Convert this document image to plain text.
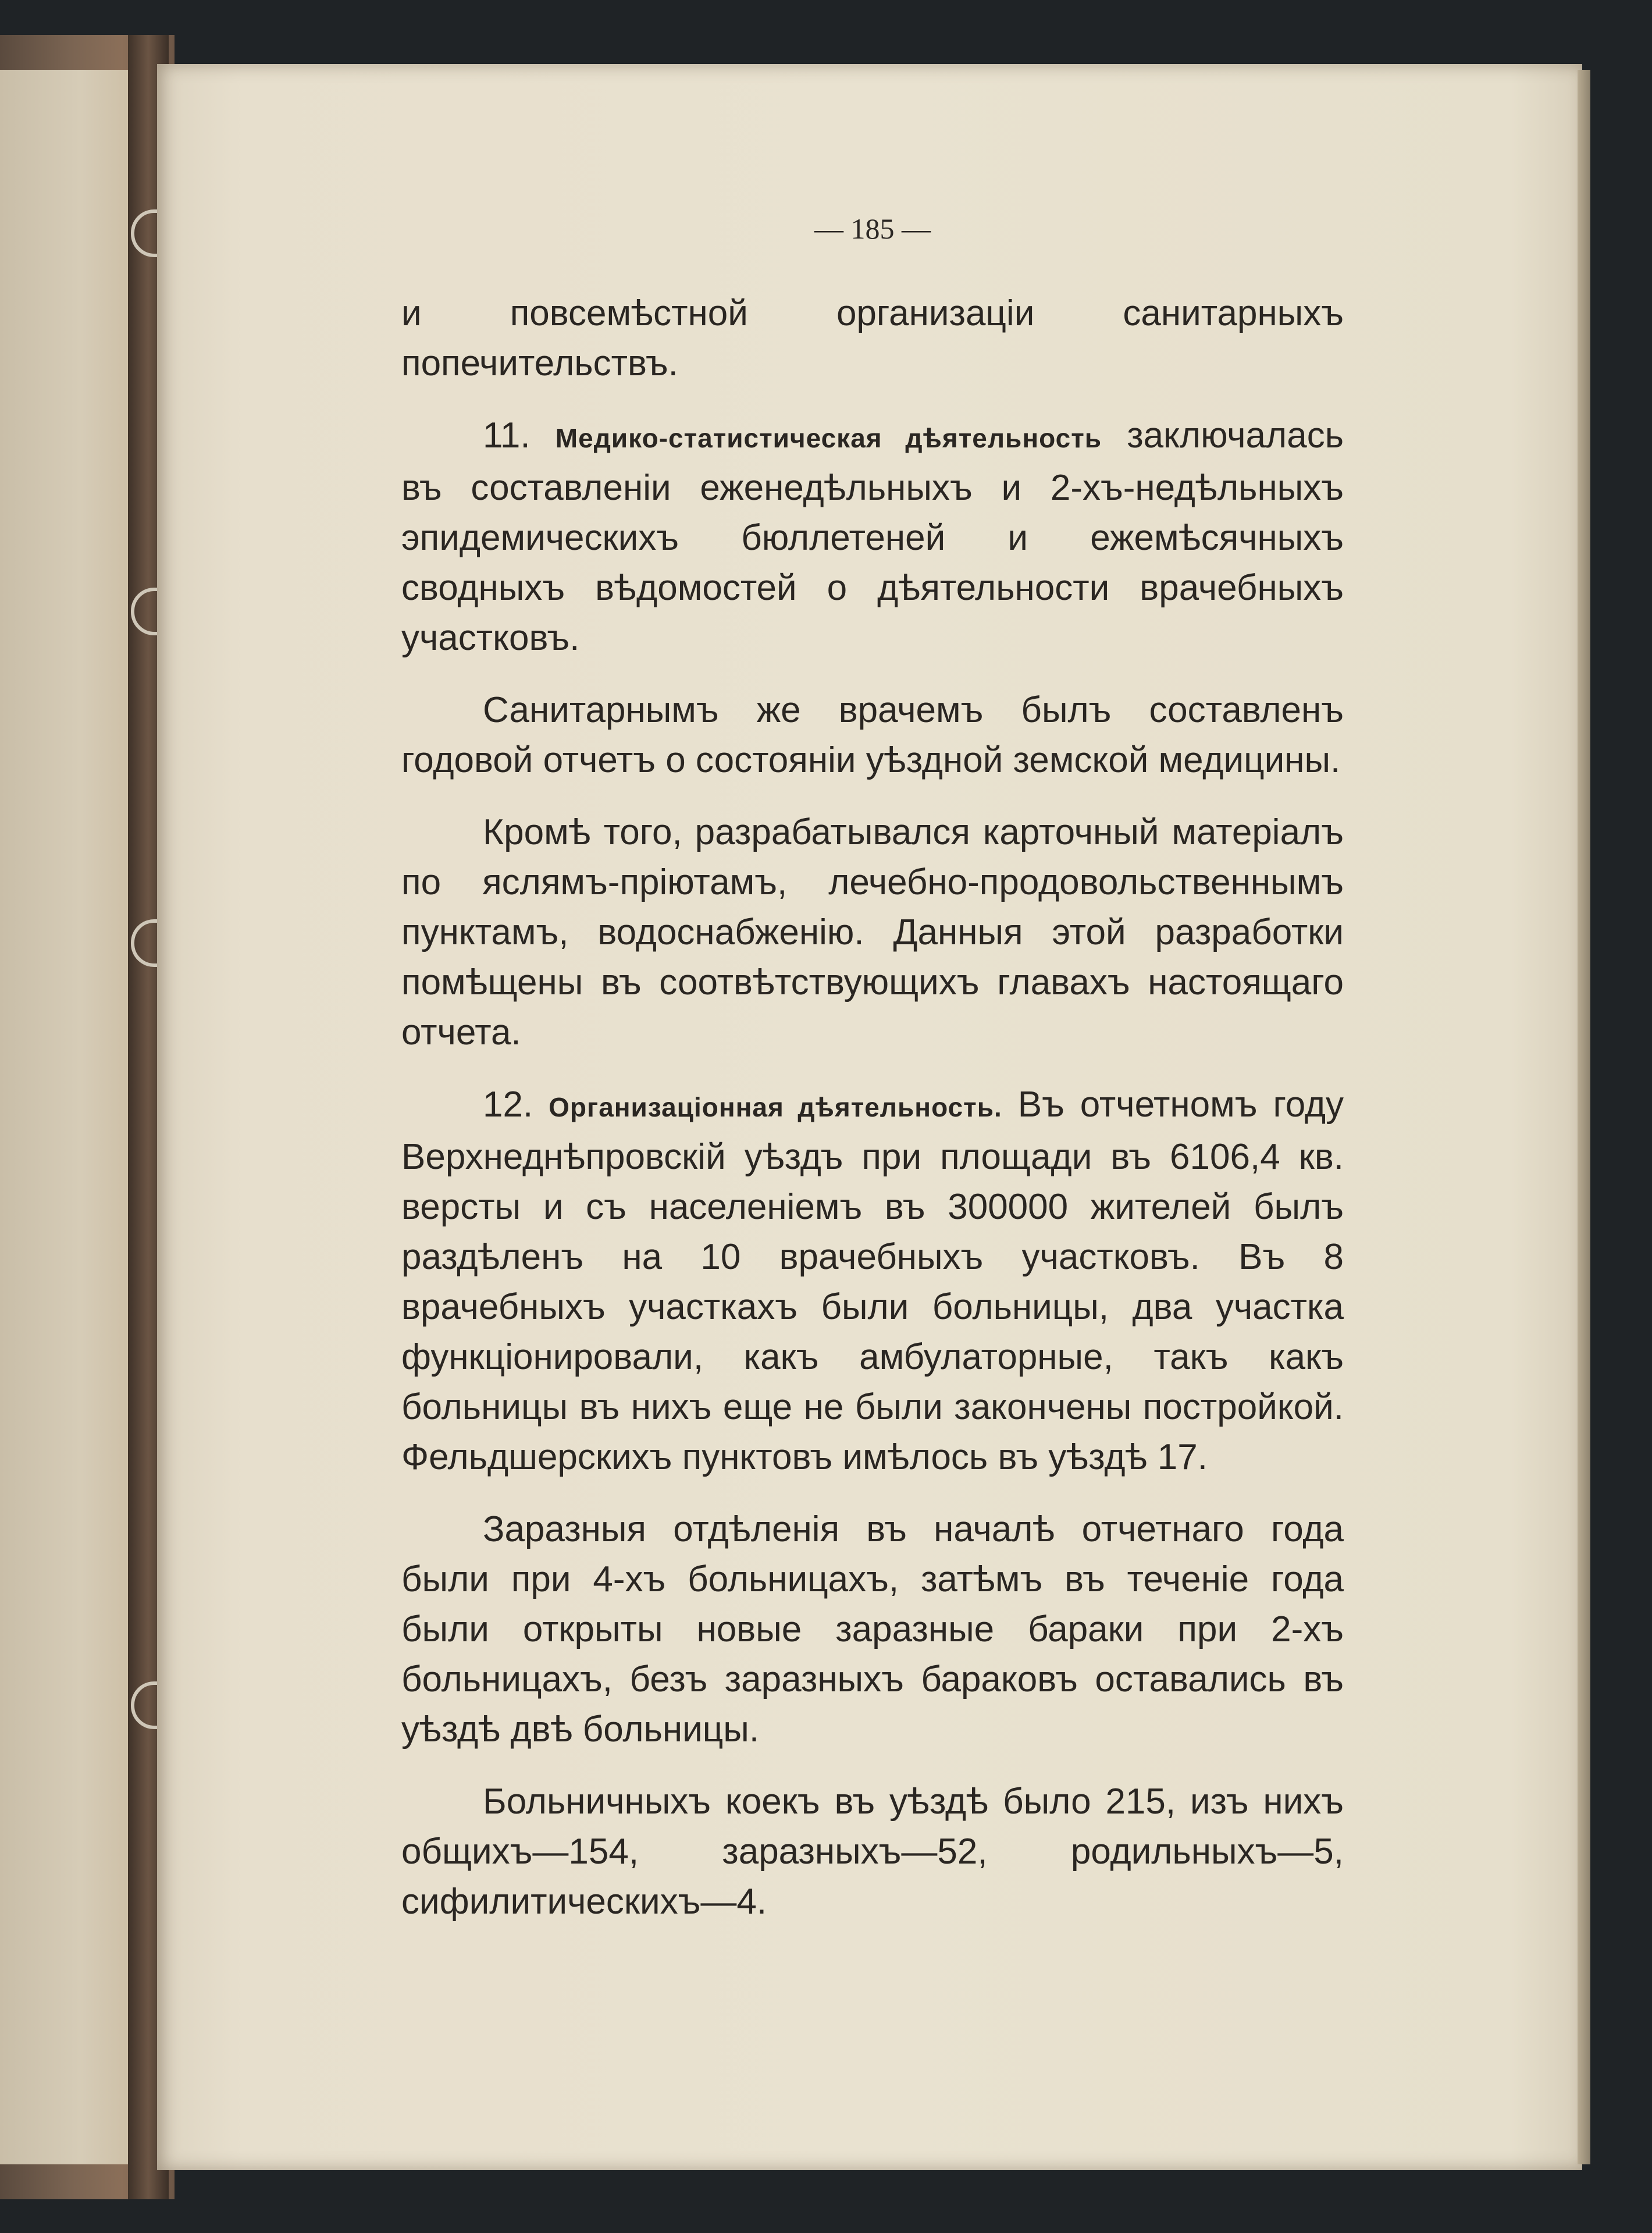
— 185 —

и повсемѣстной организаціи санитарныхъ попечительствъ.

11. Медико-статистическая дѣятельность заключалась въ составленіи еженедѣльныхъ и 2-хъ-недѣльныхъ эпидемическихъ бюллетеней и ежемѣсячныхъ сводныхъ вѣдомостей о дѣятельности врачебныхъ участковъ.

Санитарнымъ же врачемъ былъ составленъ годовой отчетъ о состояніи уѣздной земской медицины.

Кромѣ того, разрабатывался карточный матеріалъ по яслямъ-пріютамъ, лечебно-продовольственнымъ пунктамъ, водоснабженію. Данныя этой разработки помѣщены въ соотвѣтствующихъ главахъ настоящаго отчета.

12. Организаціонная дѣятельность. Въ отчетномъ году Верхнеднѣпровскій уѣздъ при площади въ 6106,4 кв. версты и съ населеніемъ въ 300000 жителей былъ раздѣленъ на 10 врачебныхъ участковъ. Въ 8 врачебныхъ участкахъ были больницы, два участка функціонировали, какъ амбулаторные, такъ какъ больницы въ нихъ еще не были закончены постройкой. Фельдшерскихъ пунктовъ имѣлось въ уѣздѣ 17.

Заразныя отдѣленія въ началѣ отчетнаго года были при 4-хъ больницахъ, затѣмъ въ теченіе года были открыты новые заразные бараки при 2-хъ больницахъ, безъ заразныхъ бараковъ оставались въ уѣздѣ двѣ больницы.

Больничныхъ коекъ въ уѣздѣ было 215, изъ нихъ общихъ—154, заразныхъ—52, родильныхъ—5, сифилитическихъ—4.
